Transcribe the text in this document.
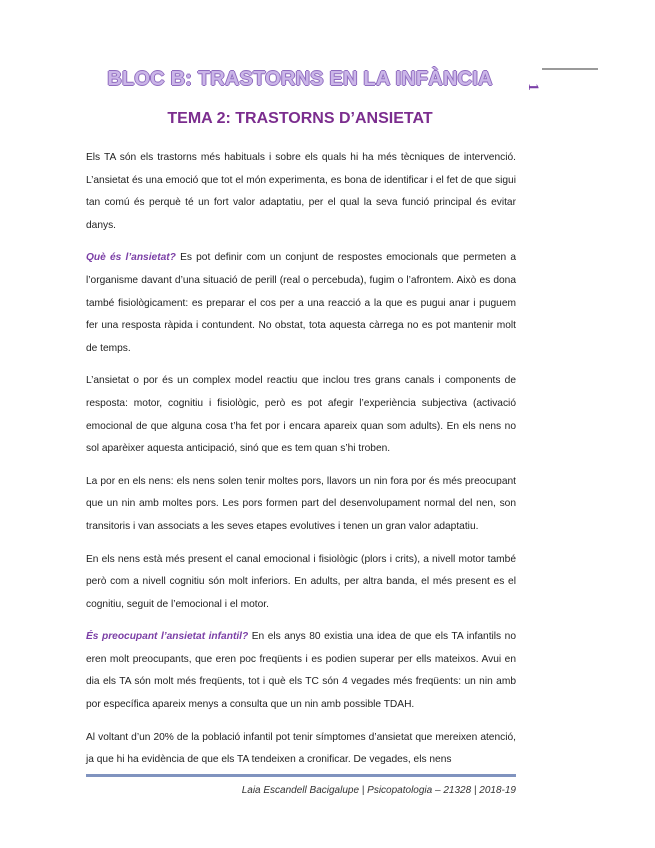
1
BLOC B: TRASTORNS EN LA INFÀNCIA
TEMA 2: TRASTORNS D’ANSIETAT

Els TA són els trastorns més habituals i sobre els quals hi ha més tècniques de intervenció. L’ansietat és una emoció que tot el món experimenta, es bona de identificar i el fet de que sigui tan comú és perquè té un fort valor adaptatiu, per el qual la seva funció principal és evitar danys.

Què és l’ansietat? Es pot definir com un conjunt de respostes emocionals que permeten a l’organisme davant d’una situació de perill (real o percebuda), fugim o l’afrontem. Això es dona també fisiològicament: es preparar el cos per a una reacció a la que es pugui anar i puguem fer una resposta ràpida i contundent. No obstat, tota aquesta càrrega no es pot mantenir molt de temps.

L’ansietat o por és un complex model reactiu que inclou tres grans canals i components de resposta: motor, cognitiu i fisiològic, però es pot afegir l’experiència subjectiva (activació emocional de que alguna cosa t’ha fet por i encara apareix quan som adults). En els nens no sol aparèixer aquesta anticipació, sinó que es tem quan s’hi troben.

La por en els nens: els nens solen tenir moltes pors, llavors un nin fora por és més preocupant que un nin amb moltes pors. Les pors formen part del desenvolupament normal del nen, son transitoris i van associats a les seves etapes evolutives i tenen un gran valor adaptatiu.

En els nens està més present el canal emocional i fisiològic (plors i crits), a nivell motor també però com a nivell cognitiu són molt inferiors. En adults, per altra banda, el més present es el cognitiu, seguit de l’emocional i el motor.

És preocupant l’ansietat infantil? En els anys 80 existia una idea de que els TA infantils no eren molt preocupants, que eren poc freqüents i es podien superar per ells mateixos. Avui en dia els TA són molt més freqüents, tot i què els TC són 4 vegades més freqüents: un nin amb por específica apareix menys a consulta que un nin amb possible TDAH.

Al voltant d’un 20% de la població infantil pot tenir símptomes d’ansietat que mereixen atenció, ja que hi ha evidència de que els TA tendeixen a cronificar. De vegades, els nens

Laia Escandell Bacigalupe | Psicopatologia – 21328 | 2018-19
